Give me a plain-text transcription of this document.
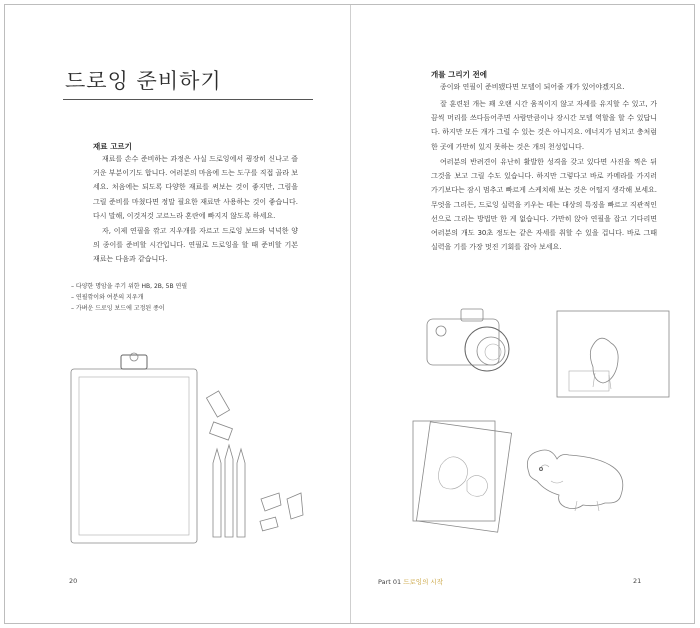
드로잉 준비하기
재료 고르기

재료를 손수 준비하는 과정은 사실 드로잉에서 굉장히 신나고 즐거운 부분이기도 합니다. 여러분의 마음에 드는 도구를 직접 골라 보세요. 처음에는 되도록 다양한 재료를 써보는 것이 좋지만, 그림을 그릴 준비를 마쳤다면 정말 필요한 재료만 사용하는 것이 좋습니다. 다시 말해, 이것저것 고르느라 혼란에 빠지지 않도록 하세요.

자, 이제 연필을 깎고 지우개를 자르고 드로잉 보드와 넉넉한 양의 종이를 준비할 시간입니다. 연필로 드로잉을 할 때 준비할 기본 재료는 다음과 같습니다.

– 다양한 명암을 주기 위한 HB, 2B, 5B 연필
– 연필깎이와 여분의 지우개
– 가벼운 드로잉 보드에 고정된 종이
20
개를 그리기 전에

종이와 연필이 준비됐다면 모델이 되어줄 개가 있어야겠지요.

잘 훈련된 개는 꽤 오랜 시간 움직이지 않고 자세를 유지할 수 있고, 가끔씩 머리를 쓰다듬어주면 사람만큼이나 장시간 모델 역할을 할 수 있답니다. 하지만 모든 개가 그럴 수 있는 것은 아니지요. 에너지가 넘치고 충처럼 한 곳에 가만히 있지 못하는 것은 개의 천성입니다.

여러분의 반려견이 유난히 활발한 성격을 갖고 있다면 사진을 찍은 뒤 그것을 보고 그릴 수도 있습니다. 하지만 그렇다고 바로 카메라를 가지러 가기보다는 잠시 멈추고 빠르게 스케치해 보는 것은 어떨지 생각해 보세요. 무엇을 그리든, 드로잉 실력을 키우는 데는 대상의 특징을 빠르고 직관적인 선으로 그리는 방법만 한 게 없습니다. 가만히 앉아 연필을 잡고 기다리면 여러분의 개도 30초 정도는 같은 자세를 취할 수 있을 겁니다. 바로 그때 실력을 기를 가장 멋진 기회를 잡아 보세요.

Part 01 드로잉의 시작	21
